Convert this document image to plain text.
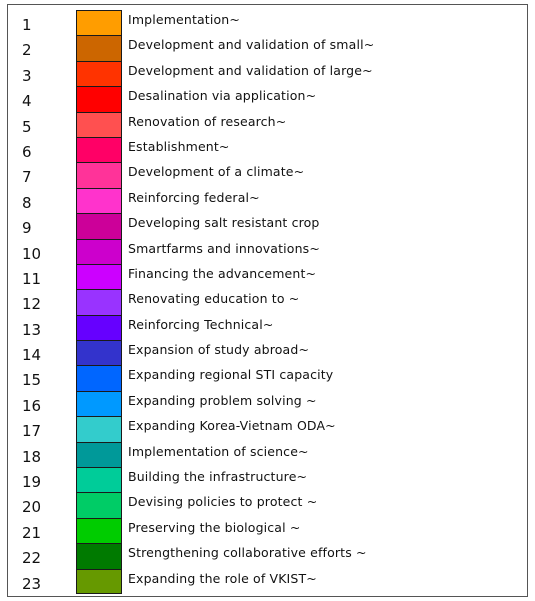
1	Implementation~
2	Development and validation of small~
3	Development and validation of large~
4	Desalination via application~
5	Renovation of research~
6	Establishment~
7	Development of a climate~
8	Reinforcing federal~
9	Developing salt resistant crop
10	Smartfarms and innovations~
11	Financing the advancement~
12	Renovating education to ~
13	Reinforcing Technical~
14	Expansion of study abroad~
15	Expanding regional STI capacity
16	Expanding problem solving ~
17	Expanding Korea-Vietnam ODA~
18	Implementation of science~
19	Building the infrastructure~
20	Devising policies to protect ~
21	Preserving the biological ~
22	Strengthening collaborative efforts ~
23	Expanding the role of VKIST~
